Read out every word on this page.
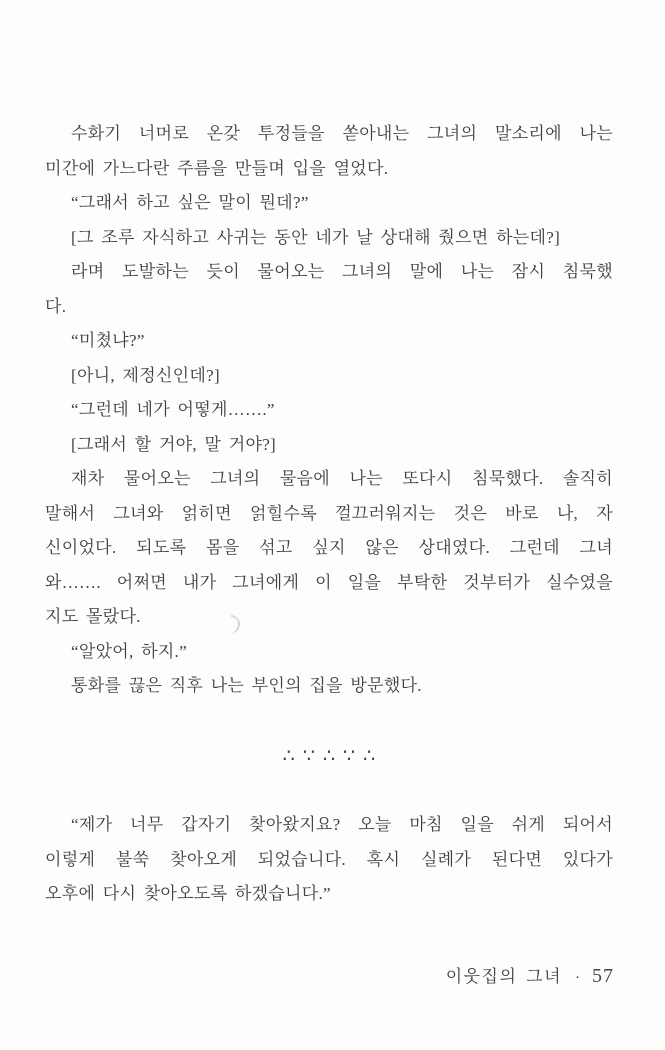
수화기 너머로 온갖 투정들을 쏟아내는 그녀의 말소리에 나는
미간에 가느다란 주름을 만들며 입을 열었다.
“그래서 하고 싶은 말이 뭔데?”
[그 조루 자식하고 사귀는 동안 네가 날 상대해 줬으면 하는데?]
라며 도발하는 듯이 물어오는 그녀의 말에 나는 잠시 침묵했
다.
“미쳤냐?”
[아니, 제정신인데?]
“그런데 네가 어떻게…….”
[그래서 할 거야, 말 거야?]
재차 물어오는 그녀의 물음에 나는 또다시 침묵했다. 솔직히
말해서 그녀와 얽히면 얽힐수록 껄끄러워지는 것은 바로 나, 자
신이었다. 되도록 몸을 섞고 싶지 않은 상대였다. 그런데 그녀
와……. 어쩌면 내가 그녀에게 이 일을 부탁한 것부터가 실수였을
지도 몰랐다.
“알았어, 하지.”
통화를 끊은 직후 나는 부인의 집을 방문했다.
∴ ∵ ∴ ∵ ∴
“제가 너무 갑자기 찾아왔지요? 오늘 마침 일을 쉬게 되어서
이렇게 불쑥 찾아오게 되었습니다. 혹시 실례가 된다면 있다가
오후에 다시 찾아오도록 하겠습니다.”
이웃집의 그녀 · 57
